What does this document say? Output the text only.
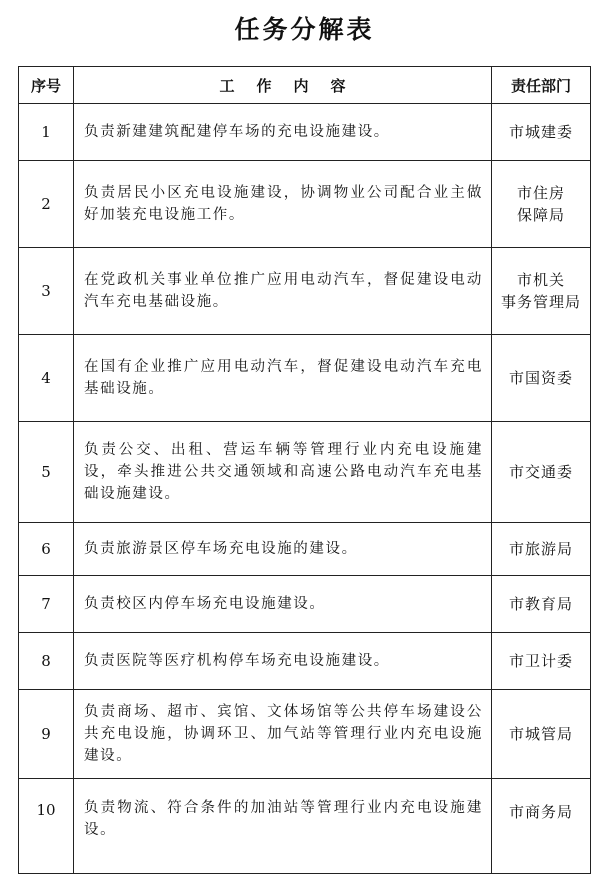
任务分解表
序号	工作内容	责任部门
1	负责新建建筑配建停车场的充电设施建设。	市城建委
2	负责居民小区充电设施建设，协调物业公司配合业主做好加装充电设施工作。	市住房
保障局
3	在党政机关事业单位推广应用电动汽车，督促建设电动汽车充电基础设施。	市机关
事务管理局
4	在国有企业推广应用电动汽车，督促建设电动汽车充电基础设施。	市国资委
5	负责公交、出租、营运车辆等管理行业内充电设施建设，牵头推进公共交通领域和高速公路电动汽车充电基础设施建设。	市交通委
6	负责旅游景区停车场充电设施的建设。	市旅游局
7	负责校区内停车场充电设施建设。	市教育局
8	负责医院等医疗机构停车场充电设施建设。	市卫计委
9	负责商场、超市、宾馆、文体场馆等公共停车场建设公共充电设施，协调环卫、加气站等管理行业内充电设施建设。	市城管局
10	负责物流、符合条件的加油站等管理行业内充电设施建设。	市商务局
